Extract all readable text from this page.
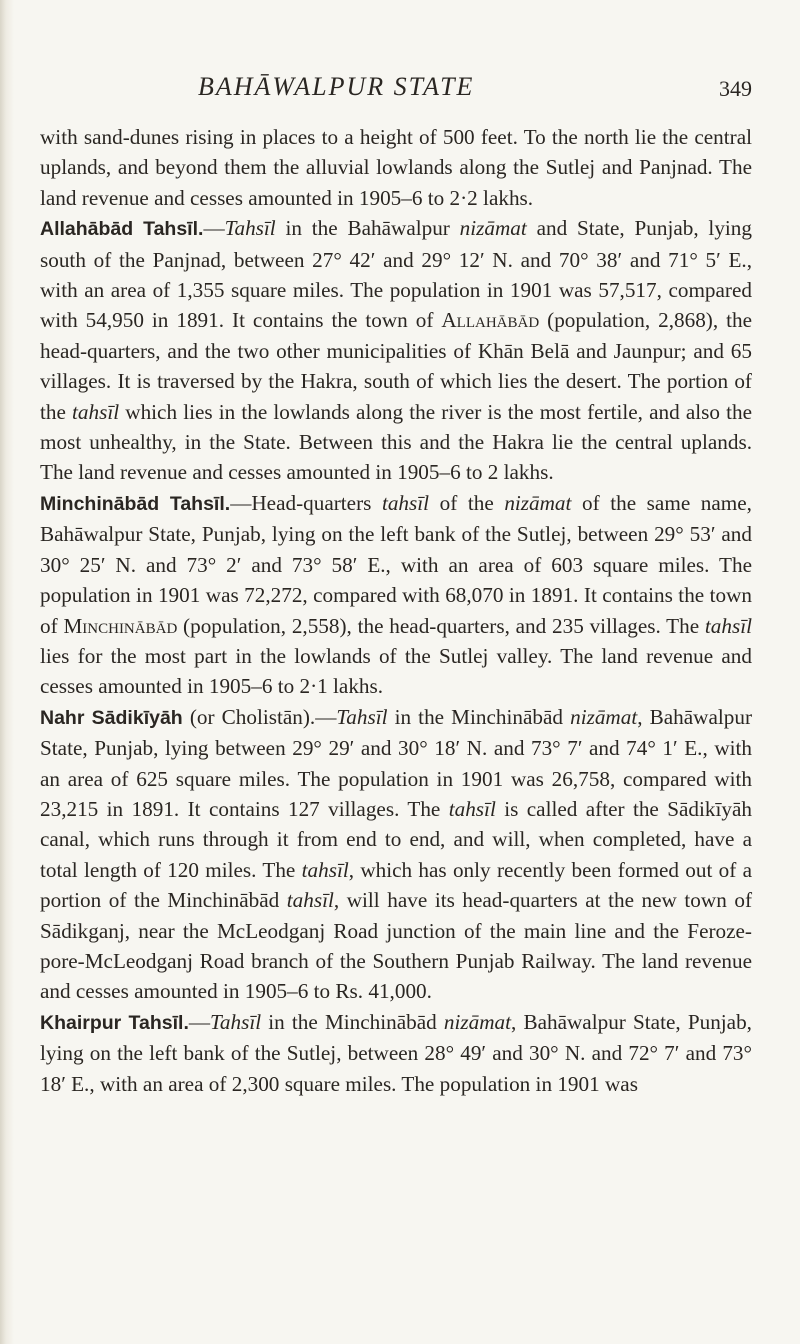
BAHĀWALPUR STATE	349

with sand-dunes rising in places to a height of 500 feet. To the north lie the central uplands, and beyond them the alluvial lowlands along the Sutlej and Panjnad. The land revenue and cesses amounted in 1905–6 to 2·2 lakhs.

Allahābād Tahsīl.—Tahsīl in the Bahāwalpur nizāmat and State, Punjab, lying south of the Panjnad, between 27° 42′ and 29° 12′ N. and 70° 38′ and 71° 5′ E., with an area of 1,355 square miles. The population in 1901 was 57,517, compared with 54,950 in 1891. It contains the town of Allahābād (population, 2,868), the head-quarters, and the two other municipalities of Khān Belā and Jaunpur; and 65 villages. It is traversed by the Hakra, south of which lies the desert. The portion of the tahsīl which lies in the lowlands along the river is the most fertile, and also the most unhealthy, in the State. Between this and the Hakra lie the central uplands. The land revenue and cesses amounted in 1905–6 to 2 lakhs.

Minchinābād Tahsīl.—Head-quarters tahsīl of the nizāmat of the same name, Bahāwalpur State, Punjab, lying on the left bank of the Sutlej, between 29° 53′ and 30° 25′ N. and 73° 2′ and 73° 58′ E., with an area of 603 square miles. The population in 1901 was 72,272, compared with 68,070 in 1891. It contains the town of Minchinābād (population, 2,558), the head-quarters, and 235 villages. The tahsīl lies for the most part in the lowlands of the Sutlej valley. The land revenue and cesses amounted in 1905–6 to 2·1 lakhs.

Nahr Sādikīyāh (or Cholistān).—Tahsīl in the Minchinābād nizāmat, Bahāwalpur State, Punjab, lying between 29° 29′ and 30° 18′ N. and 73° 7′ and 74° 1′ E., with an area of 625 square miles. The population in 1901 was 26,758, compared with 23,215 in 1891. It contains 127 villages. The tahsīl is called after the Sādikīyāh canal, which runs through it from end to end, and will, when completed, have a total length of 120 miles. The tahsīl, which has only recently been formed out of a portion of the Minchinābād tahsīl, will have its head-quarters at the new town of Sādikganj, near the McLeodganj Road junction of the main line and the Feroze-pore-McLeodganj Road branch of the Southern Punjab Railway. The land revenue and cesses amounted in 1905–6 to Rs. 41,000.

Khairpur Tahsīl.—Tahsīl in the Minchinābād nizāmat, Bahāwalpur State, Punjab, lying on the left bank of the Sutlej, between 28° 49′ and 30° N. and 72° 7′ and 73° 18′ E., with an area of 2,300 square miles. The population in 1901 was
